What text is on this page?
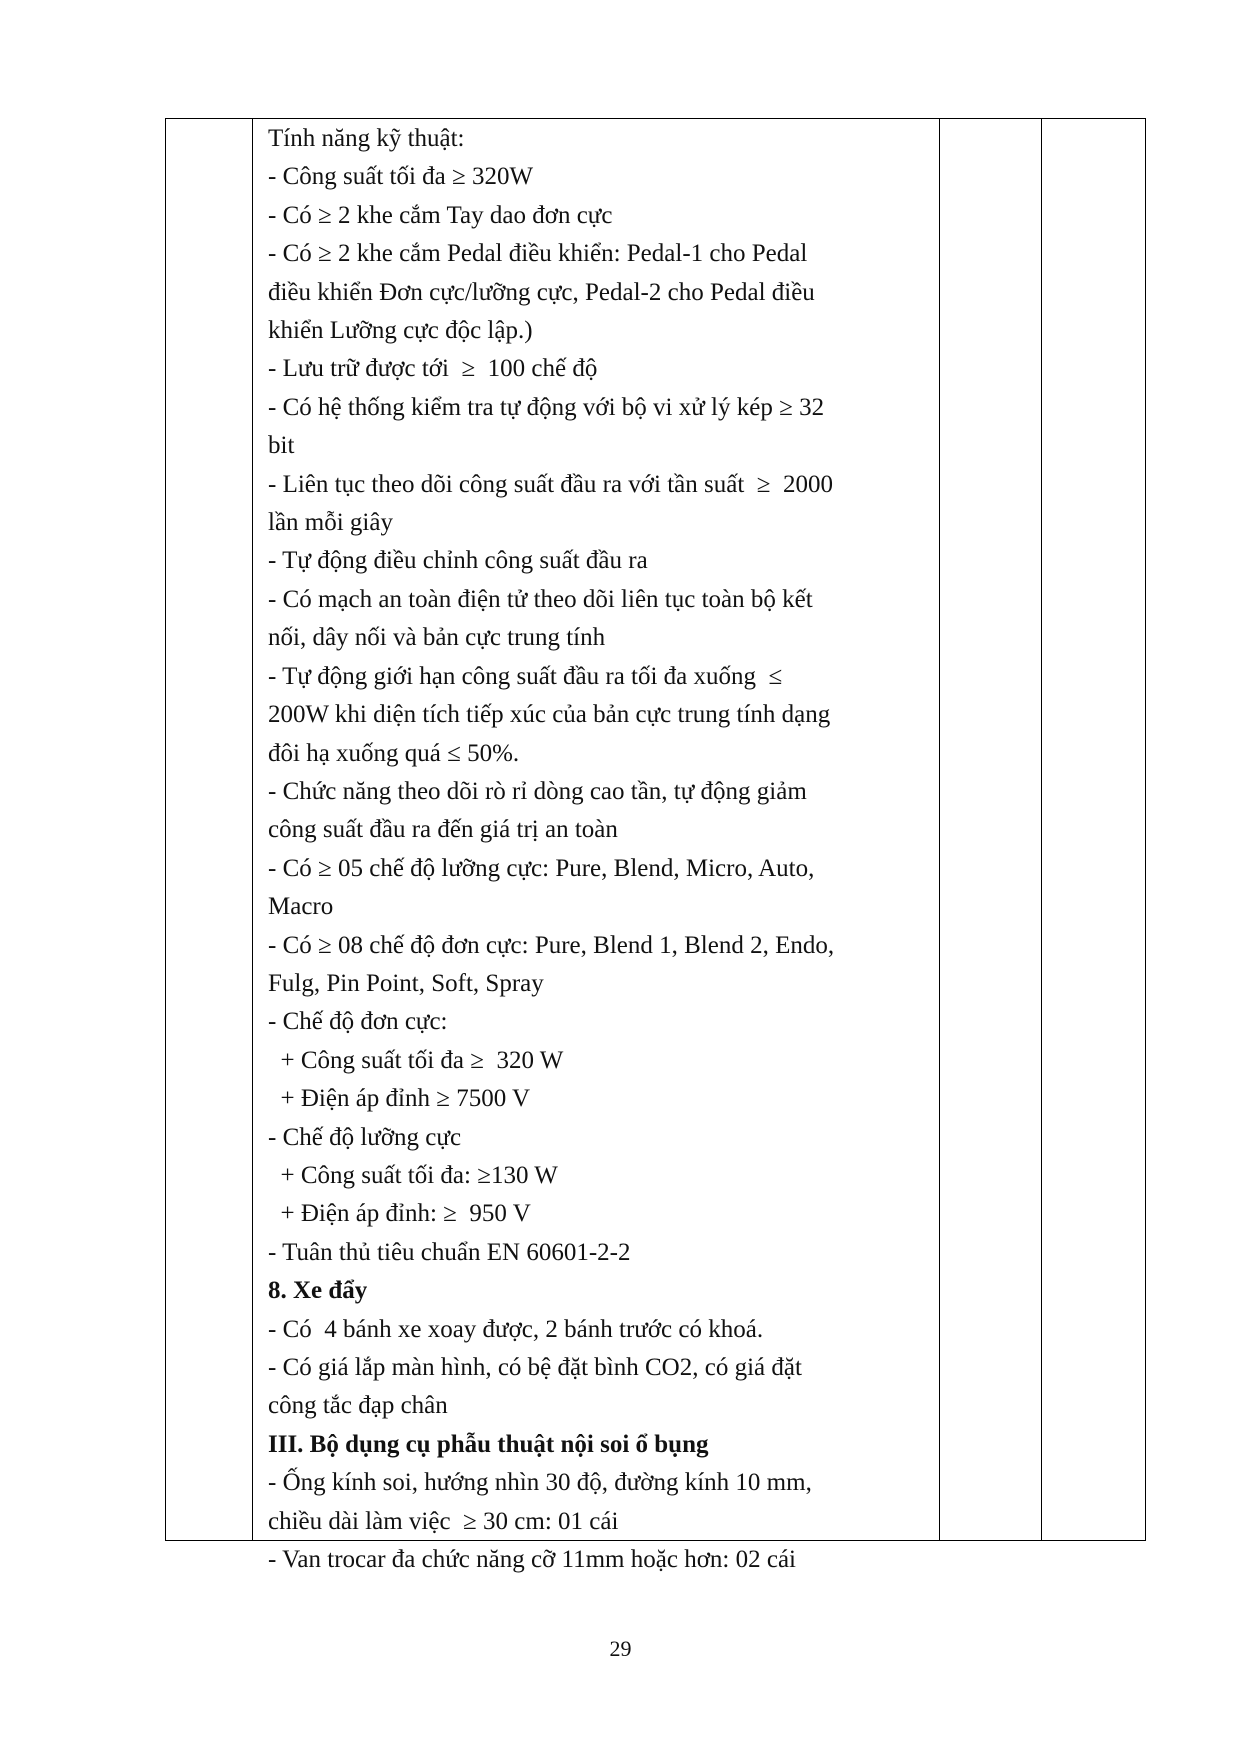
Tính năng kỹ thuật:
- Công suất tối đa ≥ 320W
- Có ≥ 2 khe cắm Tay dao đơn cực
- Có ≥ 2 khe cắm Pedal điều khiển: Pedal-1 cho Pedal
điều khiển Đơn cực/lưỡng cực, Pedal-2 cho Pedal điều
khiển Lưỡng cực độc lập.)
- Lưu trữ được tới  ≥  100 chế độ
- Có hệ thống kiểm tra tự động với bộ vi xử lý kép ≥ 32
bit
- Liên tục theo dõi công suất đầu ra với tần suất  ≥  2000
lần mỗi giây
- Tự động điều chỉnh công suất đầu ra
- Có mạch an toàn điện tử theo dõi liên tục toàn bộ kết
nối, dây nối và bản cực trung tính
- Tự động giới hạn công suất đầu ra tối đa xuống  ≤
200W khi diện tích tiếp xúc của bản cực trung tính dạng
đôi hạ xuống quá ≤ 50%.
- Chức năng theo dõi rò rỉ dòng cao tần, tự động giảm
công suất đầu ra đến giá trị an toàn
- Có ≥ 05 chế độ lưỡng cực: Pure, Blend, Micro, Auto,
Macro
- Có ≥ 08 chế độ đơn cực: Pure, Blend 1, Blend 2, Endo,
Fulg, Pin Point, Soft, Spray
- Chế độ đơn cực:
+ Công suất tối đa ≥  320 W
+ Điện áp đỉnh ≥ 7500 V
- Chế độ lưỡng cực
+ Công suất tối đa: ≥130 W
+ Điện áp đỉnh: ≥  950 V
- Tuân thủ tiêu chuẩn EN 60601-2-2
8. Xe đẩy
- Có  4 bánh xe xoay được, 2 bánh trước có khoá.
- Có giá lắp màn hình, có bệ đặt bình CO2, có giá đặt
công tắc đạp chân
III. Bộ dụng cụ phẫu thuật nội soi ổ bụng
- Ống kính soi, hướng nhìn 30 độ, đường kính 10 mm,
chiều dài làm việc  ≥ 30 cm: 01 cái
- Van trocar đa chức năng cỡ 11mm hoặc hơn: 02 cái
29
